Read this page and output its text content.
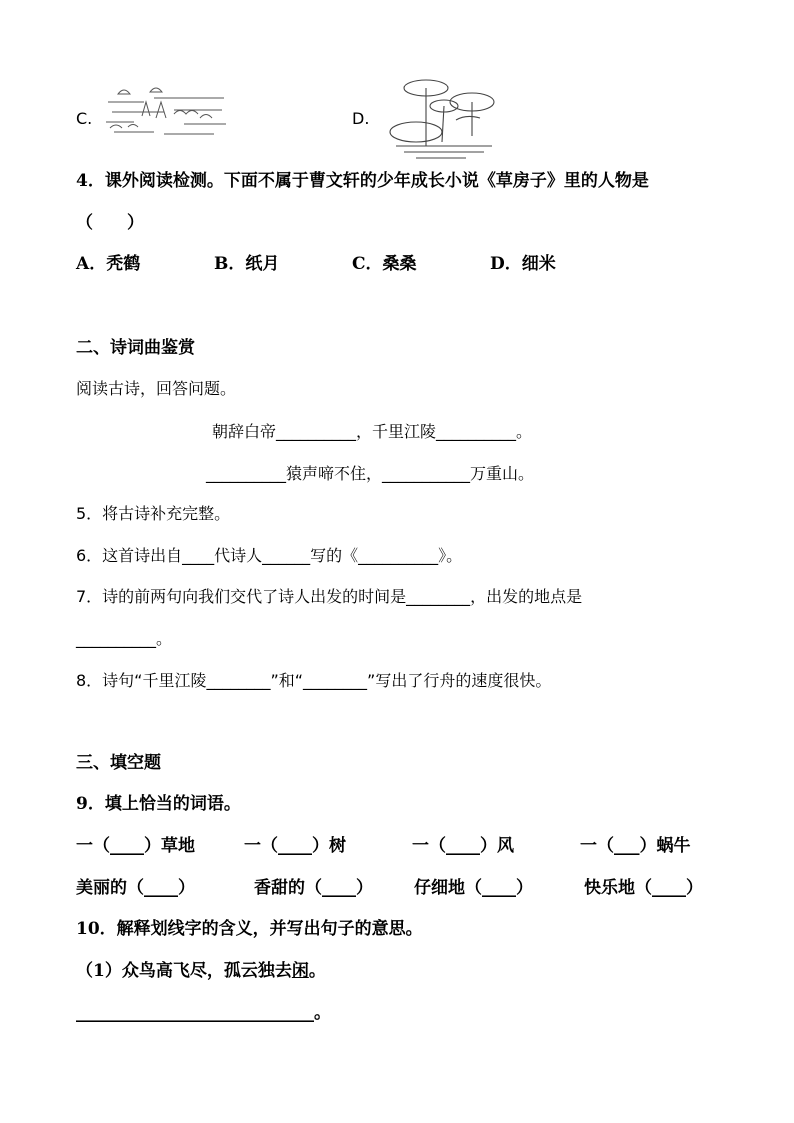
C.	D.
4．课外阅读检测。下面不属于曹文轩的少年成长小说《草房子》里的人物是
（　　）
A．秃鹤	B．纸月	C．桑桑	D．细米
二、诗词曲鉴赏
阅读古诗，回答问题。
朝辞白帝__________，千里江陵__________。
__________猿声啼不住，___________万重山。
5．将古诗补充完整。
6．这首诗出自____代诗人______写的《__________》。
7．诗的前两句向我们交代了诗人出发的时间是________，出发的地点是
__________。
8．诗句“千里江陵________”和“________”写出了行舟的速度很快。
三、填空题
9．填上恰当的词语。
一（____）草地	一（____）树	一（____）风	一（___）蜗牛
美丽的（____）	香甜的（____） 仔细地（____）	快乐地（____）
10．解释划线字的含义，并写出句子的意思。
（1）众鸟高飞尽，孤云独去闲。
____________________________。
